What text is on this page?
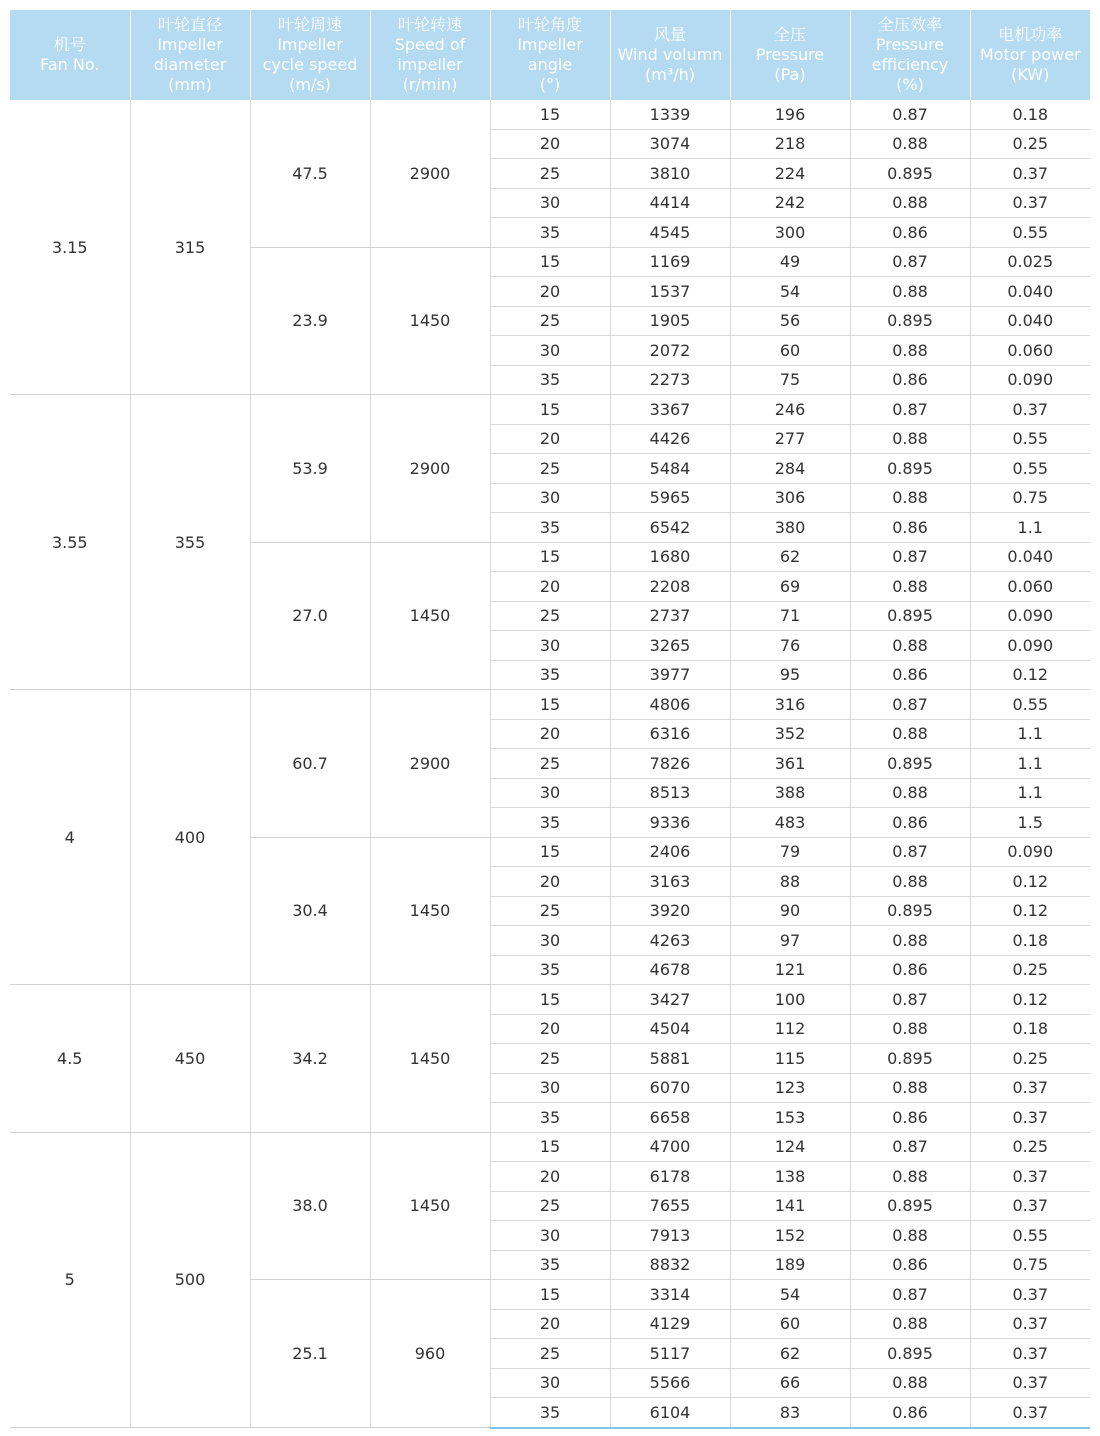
机号
Fan No.	叶轮直径
Impeller
diameter
(mm)	叶轮周速
Impeller
cycle speed
(m/s)	叶轮转速
Speed of
impeller
(r/min)	叶轮角度
Impeller
angle
(°)	风量
Wind volumn
(m³/h)	全压
Pressure
(Pa)	全压效率
Pressure
efficiency
(%)	电机功率
Motor power
(KW)

3.15	315	47.5	2900	15	1339	196	0.87	0.18
				20	3074	218	0.88	0.25
				25	3810	224	0.895	0.37
				30	4414	242	0.88	0.37
				35	4545	300	0.86	0.55
		23.9	1450	15	1169	49	0.87	0.025
				20	1537	54	0.88	0.040
				25	1905	56	0.895	0.040
				30	2072	60	0.88	0.060
				35	2273	75	0.86	0.090
3.55	355	53.9	2900	15	3367	246	0.87	0.37
				20	4426	277	0.88	0.55
				25	5484	284	0.895	0.55
				30	5965	306	0.88	0.75
				35	6542	380	0.86	1.1
		27.0	1450	15	1680	62	0.87	0.040
				20	2208	69	0.88	0.060
				25	2737	71	0.895	0.090
				30	3265	76	0.88	0.090
				35	3977	95	0.86	0.12
4	400	60.7	2900	15	4806	316	0.87	0.55
				20	6316	352	0.88	1.1
				25	7826	361	0.895	1.1
				30	8513	388	0.88	1.1
				35	9336	483	0.86	1.5
		30.4	1450	15	2406	79	0.87	0.090
				20	3163	88	0.88	0.12
				25	3920	90	0.895	0.12
				30	4263	97	0.88	0.18
				35	4678	121	0.86	0.25
4.5	450	34.2	1450	15	3427	100	0.87	0.12
				20	4504	112	0.88	0.18
				25	5881	115	0.895	0.25
				30	6070	123	0.88	0.37
				35	6658	153	0.86	0.37
5	500	38.0	1450	15	4700	124	0.87	0.25
				20	6178	138	0.88	0.37
				25	7655	141	0.895	0.37
				30	7913	152	0.88	0.55
				35	8832	189	0.86	0.75
		25.1	960	15	3314	54	0.87	0.37
				20	4129	60	0.88	0.37
				25	5117	62	0.895	0.37
				30	5566	66	0.88	0.37
				35	6104	83	0.86	0.37
